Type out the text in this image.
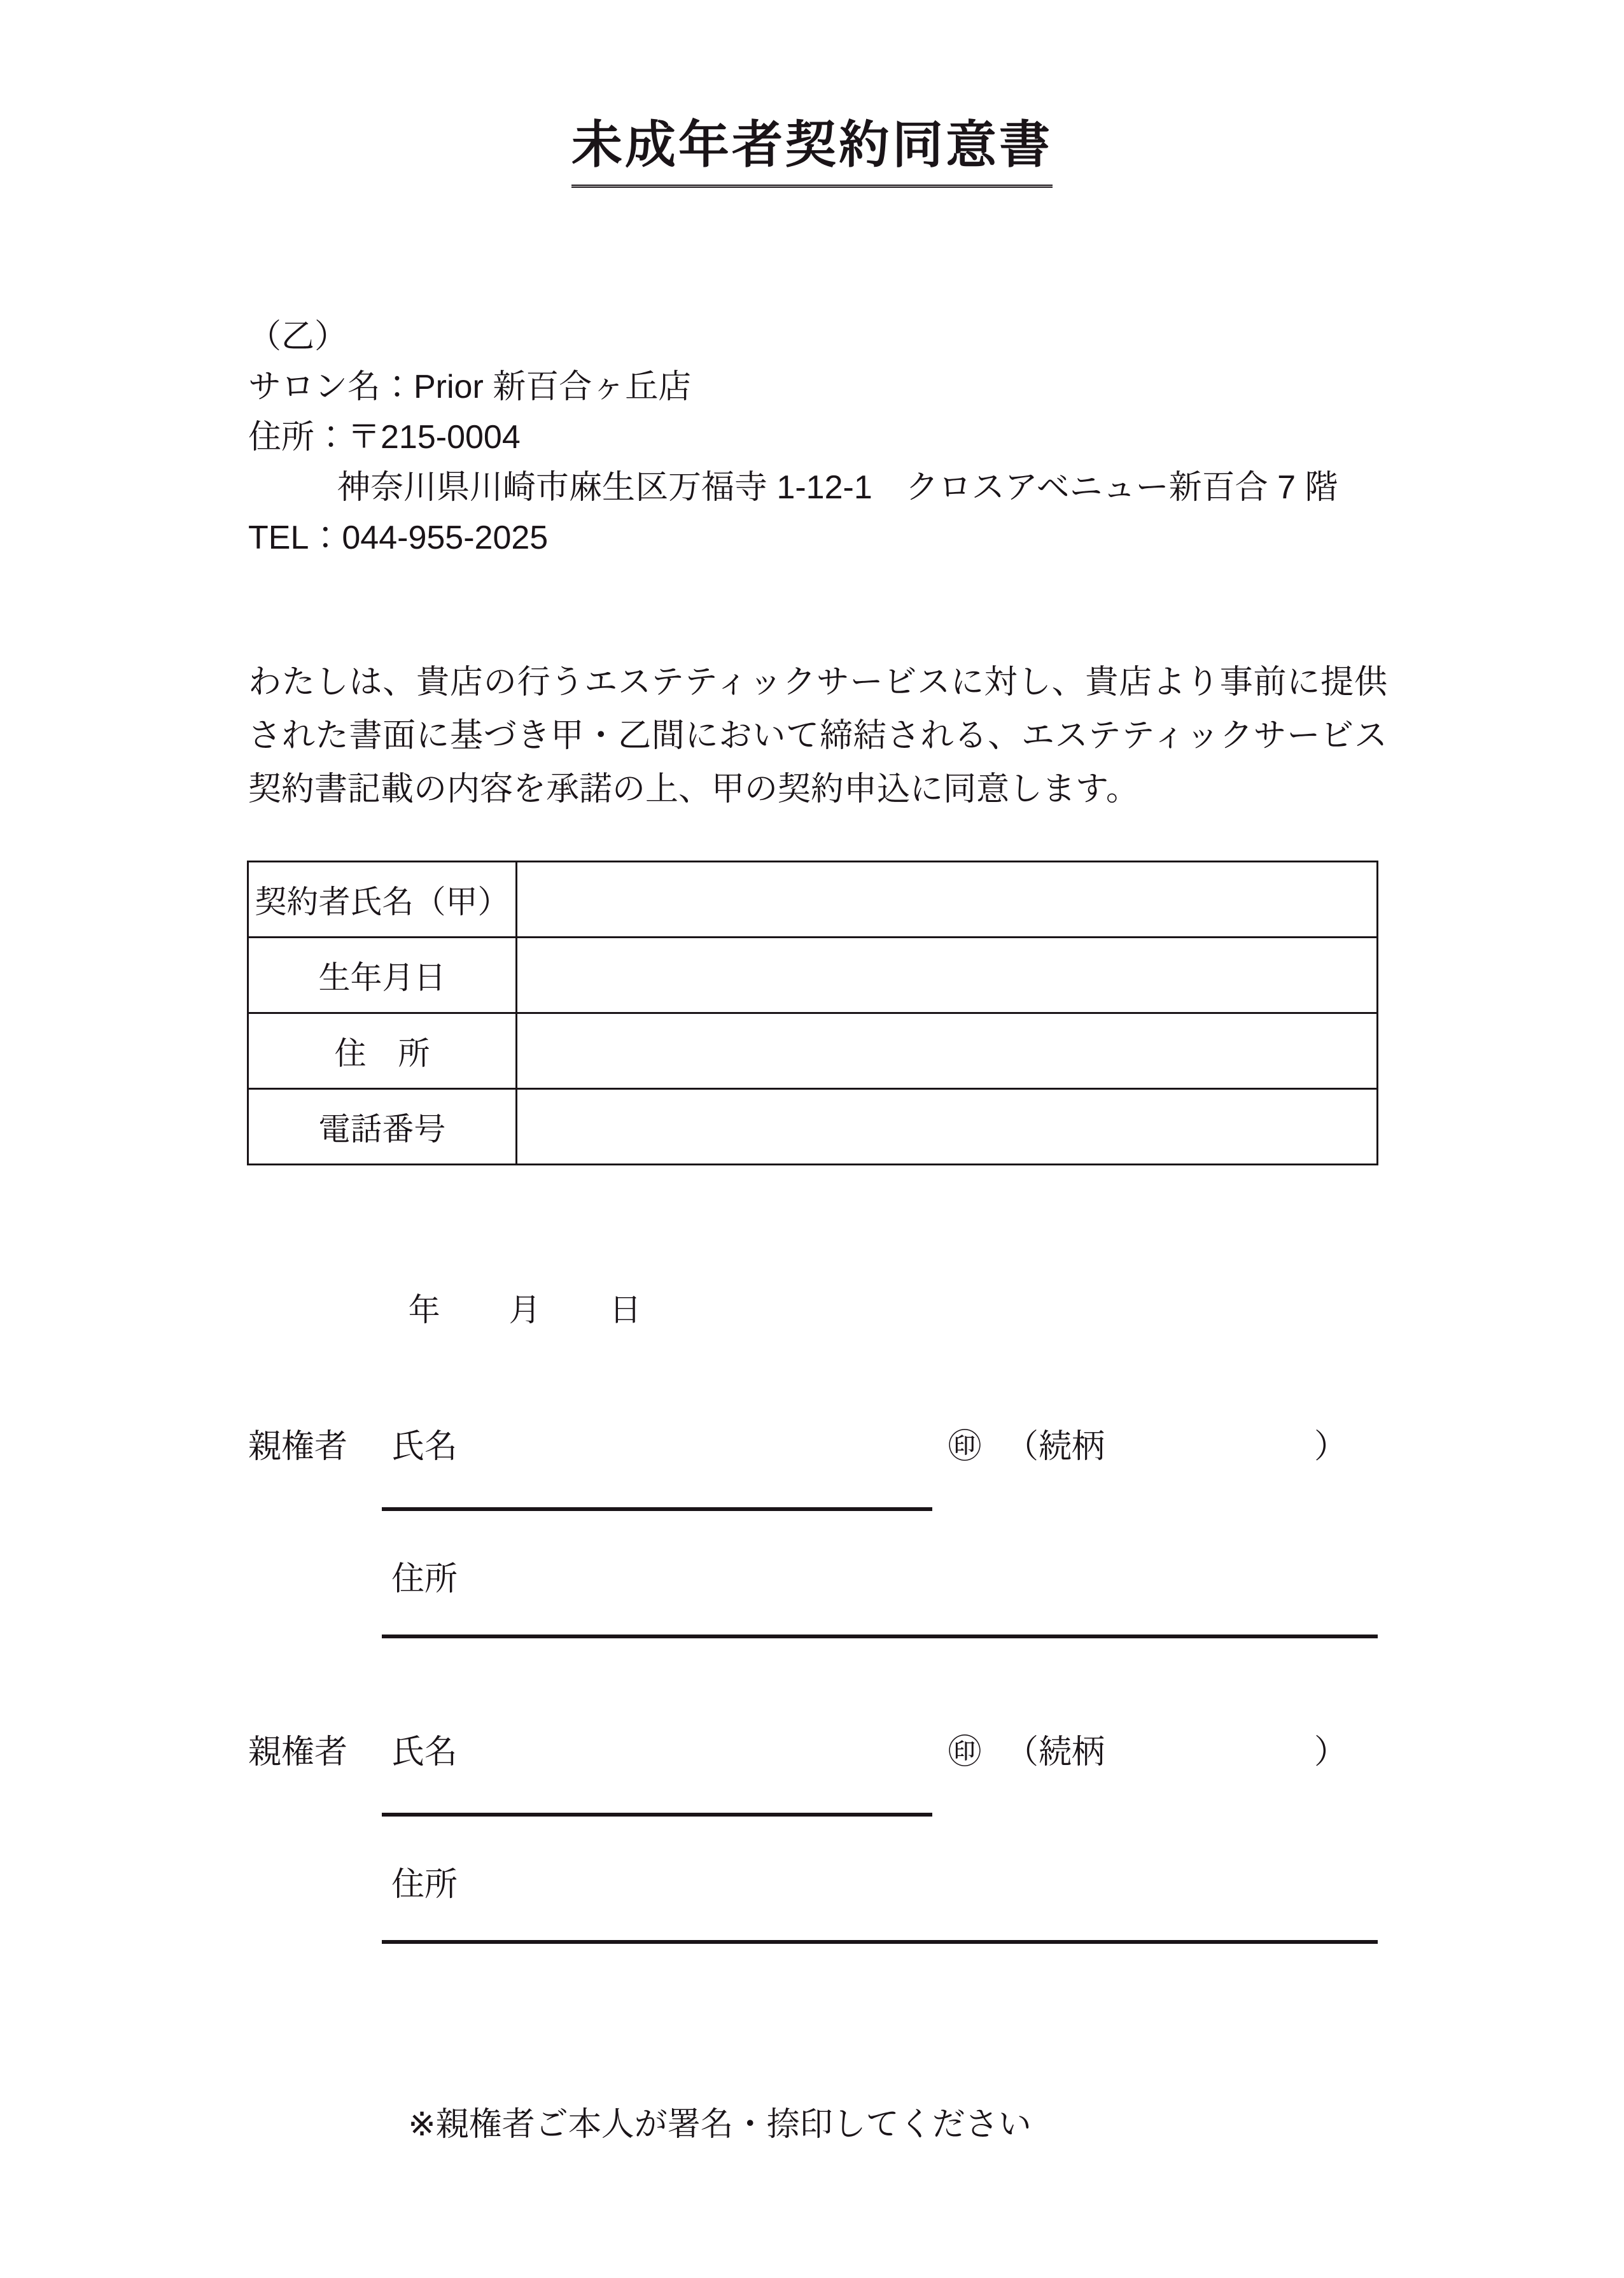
未成年者契約同意書
（乙）
サロン名：Prior 新百合ヶ丘店
住所：〒215-0004
神奈川県川崎市麻生区万福寺 1-12-1　クロスアベニュー新百合 7 階
TEL：044-955-2025
わたしは、貴店の行うエステティックサービスに対し、貴店より事前に提供された書面に基づき甲・乙間において締結される、エステティックサービス契約書記載の内容を承諾の上、甲の契約申込に同意します。
契約者氏名（甲）	
生年月日	
住　所	
電話番号	

年 月 日

親権者 氏名	㊞ （続柄	）
住所
親権者 氏名	㊞ （続柄	）
住所
※親権者ご本人が署名・捺印してください
